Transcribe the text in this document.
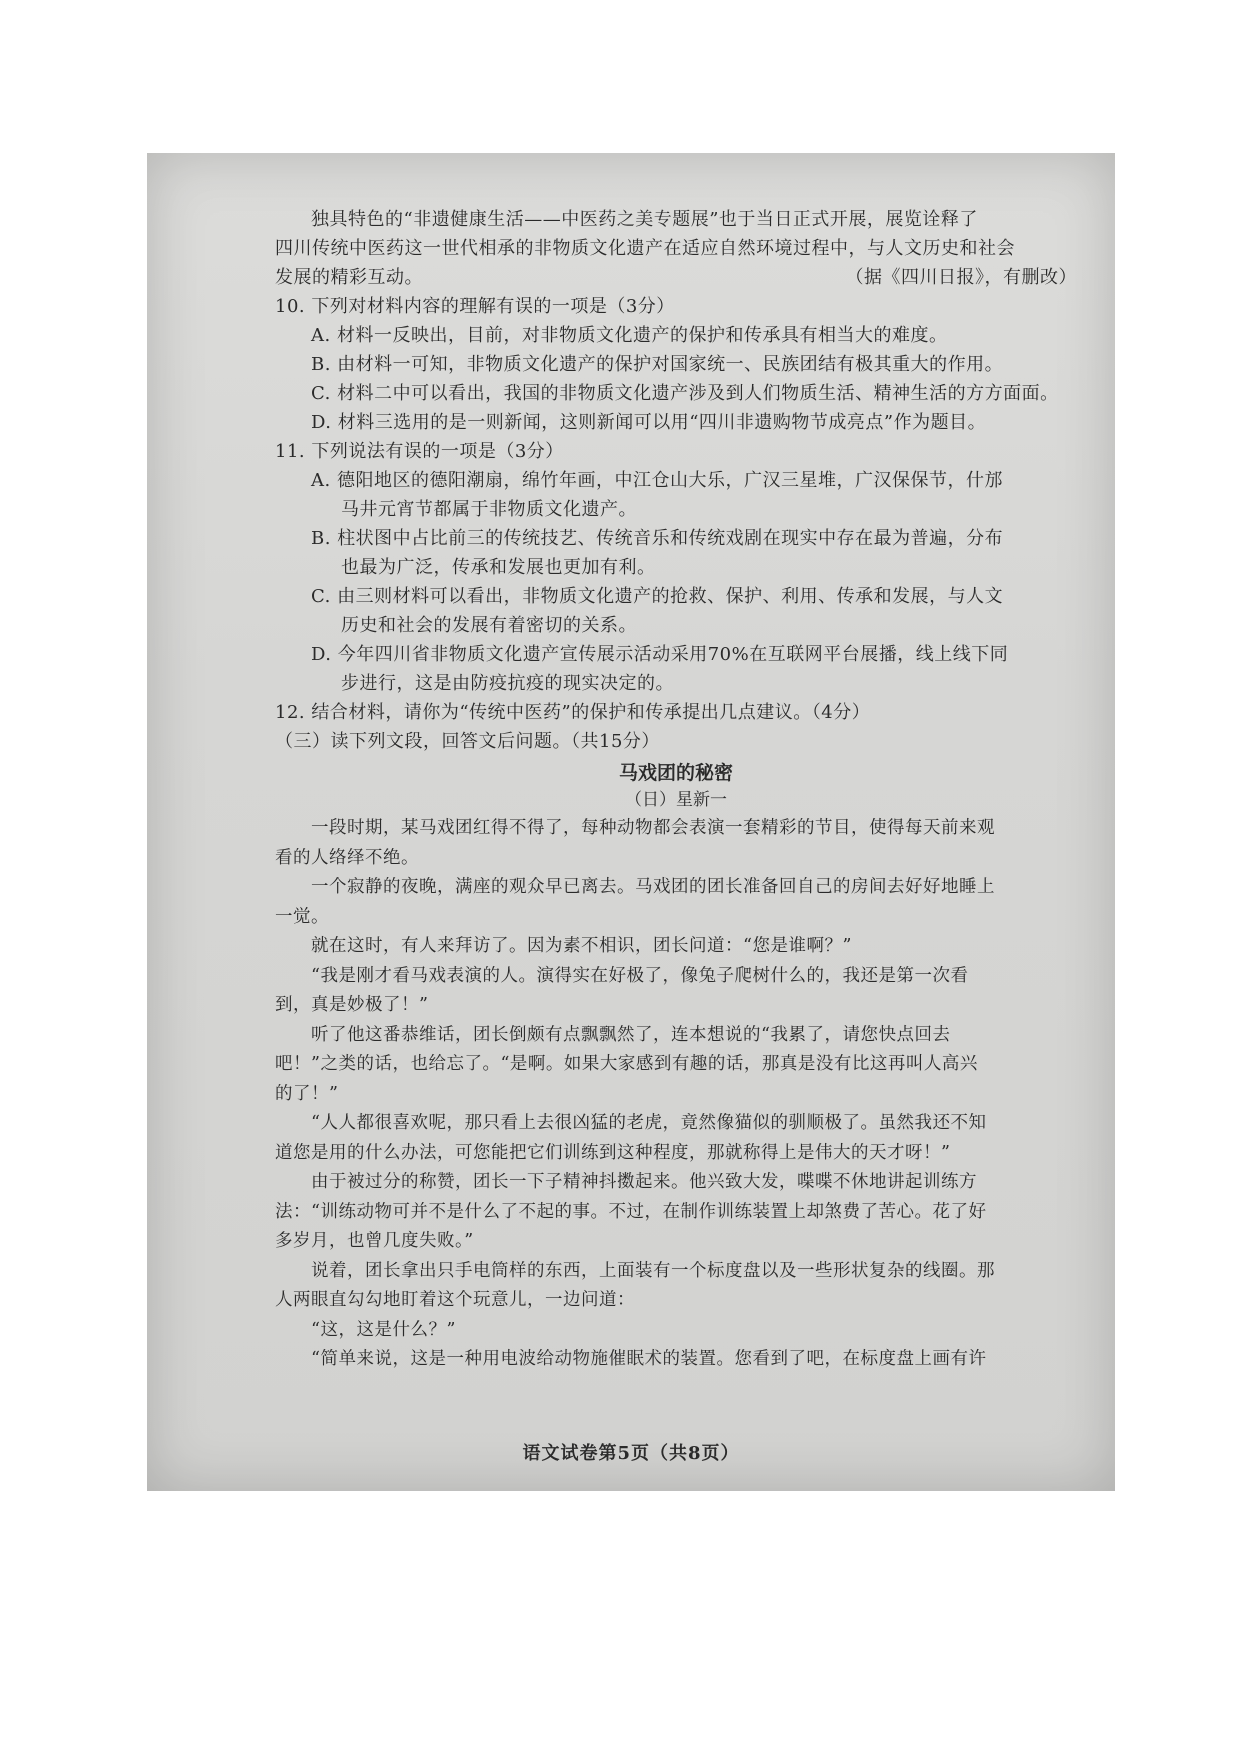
独具特色的“非遗健康生活——中医药之美专题展”也于当日正式开展，展览诠释了
四川传统中医药这一世代相承的非物质文化遗产在适应自然环境过程中，与人文历史和社会
发展的精彩互动。	（据《四川日报》，有删改）
10. 下列对材料内容的理解有误的一项是（3分）
A. 材料一反映出，目前，对非物质文化遗产的保护和传承具有相当大的难度。
B. 由材料一可知，非物质文化遗产的保护对国家统一、民族团结有极其重大的作用。
C. 材料二中可以看出，我国的非物质文化遗产涉及到人们物质生活、精神生活的方方面面。
D. 材料三选用的是一则新闻，这则新闻可以用“四川非遗购物节成亮点”作为题目。
11. 下列说法有误的一项是（3分）
A. 德阳地区的德阳潮扇，绵竹年画，中江仓山大乐，广汉三星堆，广汉保保节，什邡
马井元宵节都属于非物质文化遗产。
B. 柱状图中占比前三的传统技艺、传统音乐和传统戏剧在现实中存在最为普遍，分布
也最为广泛，传承和发展也更加有利。
C. 由三则材料可以看出，非物质文化遗产的抢救、保护、利用、传承和发展，与人文
历史和社会的发展有着密切的关系。
D. 今年四川省非物质文化遗产宣传展示活动采用70%在互联网平台展播，线上线下同
步进行，这是由防疫抗疫的现实决定的。
12. 结合材料，请你为“传统中医药”的保护和传承提出几点建议。（4分）
（三）读下列文段，回答文后问题。（共15分）
马戏团的秘密
（日）星新一
一段时期，某马戏团红得不得了，每种动物都会表演一套精彩的节目，使得每天前来观
看的人络绎不绝。
一个寂静的夜晚，满座的观众早已离去。马戏团的团长准备回自己的房间去好好地睡上
一觉。
就在这时，有人来拜访了。因为素不相识，团长问道：“您是谁啊？”
“我是刚才看马戏表演的人。演得实在好极了，像兔子爬树什么的，我还是第一次看
到，真是妙极了！”
听了他这番恭维话，团长倒颇有点飘飘然了，连本想说的“我累了，请您快点回去
吧！”之类的话，也给忘了。“是啊。如果大家感到有趣的话，那真是没有比这再叫人高兴
的了！”
“人人都很喜欢呢，那只看上去很凶猛的老虎，竟然像猫似的驯顺极了。虽然我还不知
道您是用的什么办法，可您能把它们训练到这种程度，那就称得上是伟大的天才呀！”
由于被过分的称赞，团长一下子精神抖擞起来。他兴致大发，喋喋不休地讲起训练方
法：“训练动物可并不是什么了不起的事。不过，在制作训练装置上却煞费了苦心。花了好
多岁月，也曾几度失败。”
说着，团长拿出只手电筒样的东西，上面装有一个标度盘以及一些形状复杂的线圈。那
人两眼直勾勾地盯着这个玩意儿，一边问道：
“这，这是什么？”
“简单来说，这是一种用电波给动物施催眠术的装置。您看到了吧，在标度盘上画有许
语文试卷第5页（共8页）
